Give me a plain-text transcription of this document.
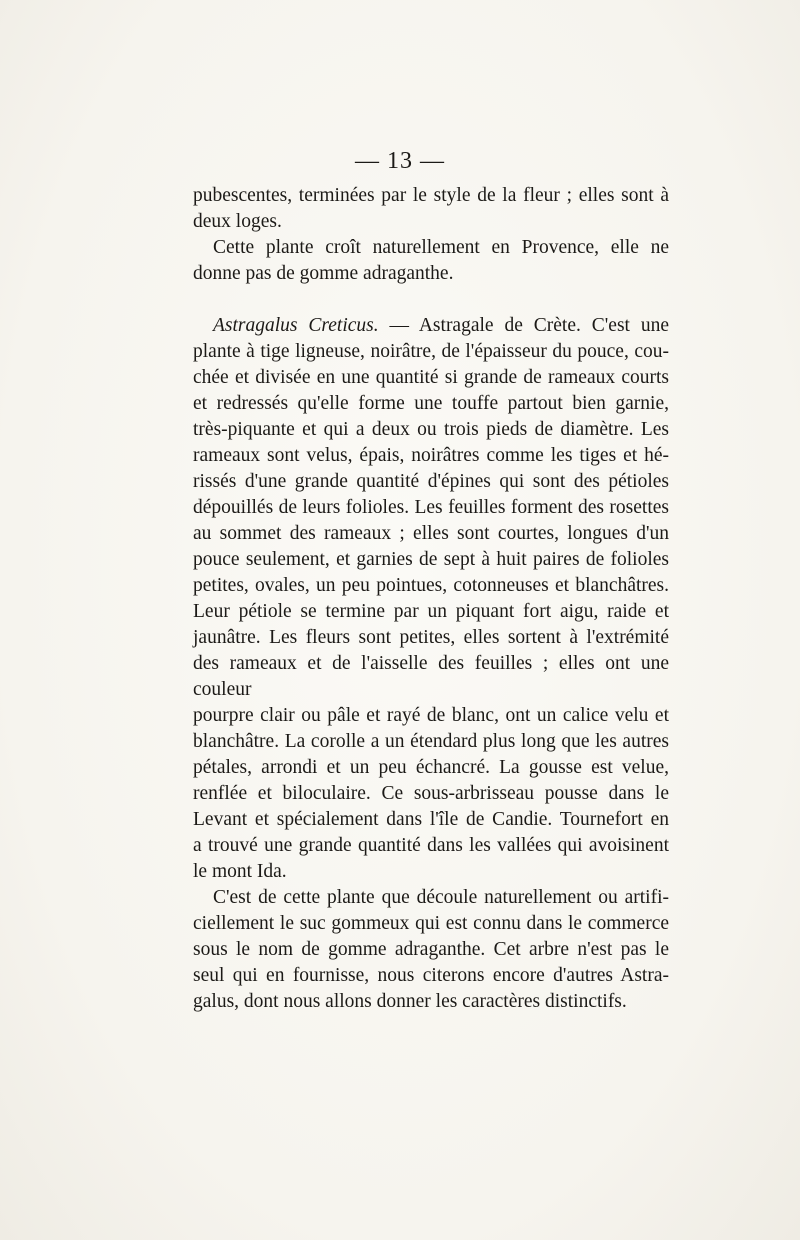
— 13 —

pubescentes, terminées par le style de la fleur ; elles sont à

deux loges.

Cette plante croît naturellement en Provence, elle ne

donne pas de gomme adraganthe.

Astragalus Creticus. — Astragale de Crète. C'est une

plante à tige ligneuse, noirâtre, de l'épaisseur du pouce, cou-

chée et divisée en une quantité si grande de rameaux courts

et redressés qu'elle forme une touffe partout bien garnie,

très-piquante et qui a deux ou trois pieds de diamètre. Les

rameaux sont velus, épais, noirâtres comme les tiges et hé-

rissés d'une grande quantité d'épines qui sont des pétioles

dépouillés de leurs folioles. Les feuilles forment des rosettes

au sommet des rameaux ; elles sont courtes, longues d'un

pouce seulement, et garnies de sept à huit paires de folioles

petites, ovales, un peu pointues, cotonneuses et blanchâtres.

Leur pétiole se termine par un piquant fort aigu, raide et

jaunâtre. Les fleurs sont petites, elles sortent à l'extrémité

des rameaux et de l'aisselle des feuilles ; elles ont une couleur

pourpre clair ou pâle et rayé de blanc, ont un calice velu et

blanchâtre. La corolle a un étendard plus long que les autres

pétales, arrondi et un peu échancré. La gousse est velue,

renflée et biloculaire. Ce sous-arbrisseau pousse dans le

Levant et spécialement dans l'île de Candie. Tournefort en

a trouvé une grande quantité dans les vallées qui avoisinent

le mont Ida.

C'est de cette plante que découle naturellement ou artifi-

ciellement le suc gommeux qui est connu dans le commerce

sous le nom de gomme adraganthe. Cet arbre n'est pas le

seul qui en fournisse, nous citerons encore d'autres Astra-

galus, dont nous allons donner les caractères distinctifs.
